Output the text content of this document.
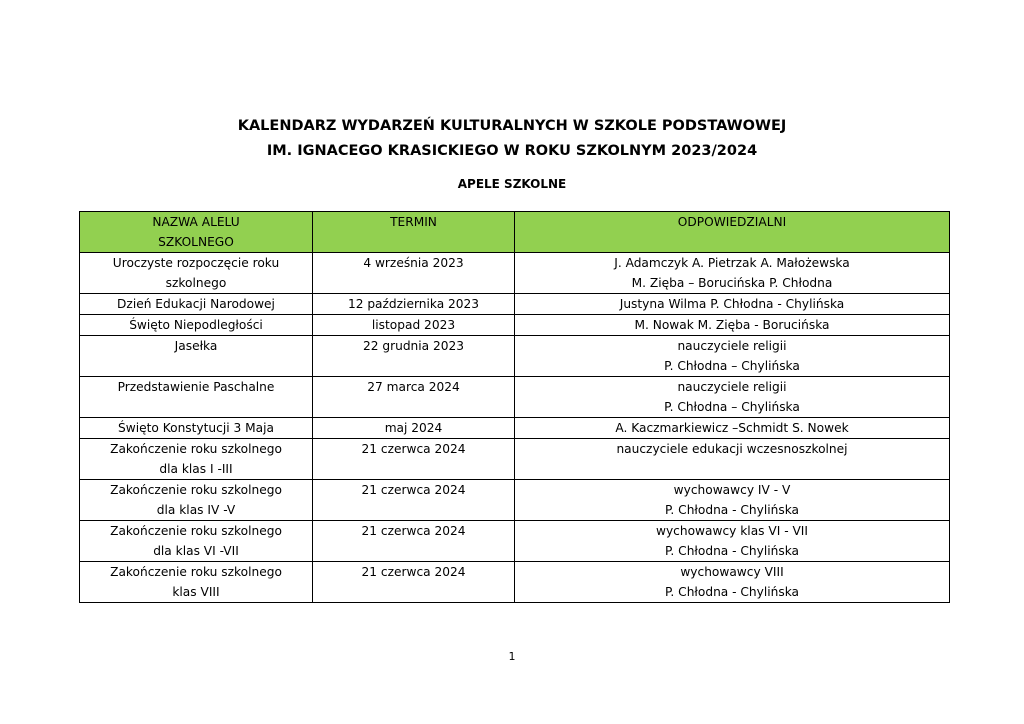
KALENDARZ WYDARZEŃ KULTURALNYCH W SZKOLE PODSTAWOWEJ
IM. IGNACEGO KRASICKIEGO W ROKU SZKOLNYM 2023/2024
APELE SZKOLNE
NAZWA ALELU
SZKOLNEGO	TERMIN	ODPOWIEDZIALNI

Uroczyste rozpoczęcie roku
szkolnego	4 września 2023	J. Adamczyk A. Pietrzak A. Małożewska
M. Zięba – Borucińska P. Chłodna

Dzień Edukacji Narodowej	12 października 2023	Justyna Wilma P. Chłodna - Chylińska

Święto Niepodległości	listopad 2023	M. Nowak M. Zięba - Borucińska

Jasełka	22 grudnia 2023	nauczyciele religii
P. Chłodna – Chylińska

Przedstawienie Paschalne	27 marca 2024	nauczyciele religii
P. Chłodna – Chylińska

Święto Konstytucji 3 Maja	maj 2024	A. Kaczmarkiewicz –Schmidt S. Nowek

Zakończenie roku szkolnego
dla klas I -III	21 czerwca 2024	nauczyciele edukacji wczesnoszkolnej

Zakończenie roku szkolnego
dla klas IV -V	21 czerwca 2024	wychowawcy IV - V
P. Chłodna - Chylińska

Zakończenie roku szkolnego
dla klas VI -VII	21 czerwca 2024	wychowawcy klas VI - VII
P. Chłodna - Chylińska

Zakończenie roku szkolnego
klas VIII	21 czerwca 2024	wychowawcy VIII
P. Chłodna - Chylińska
1
